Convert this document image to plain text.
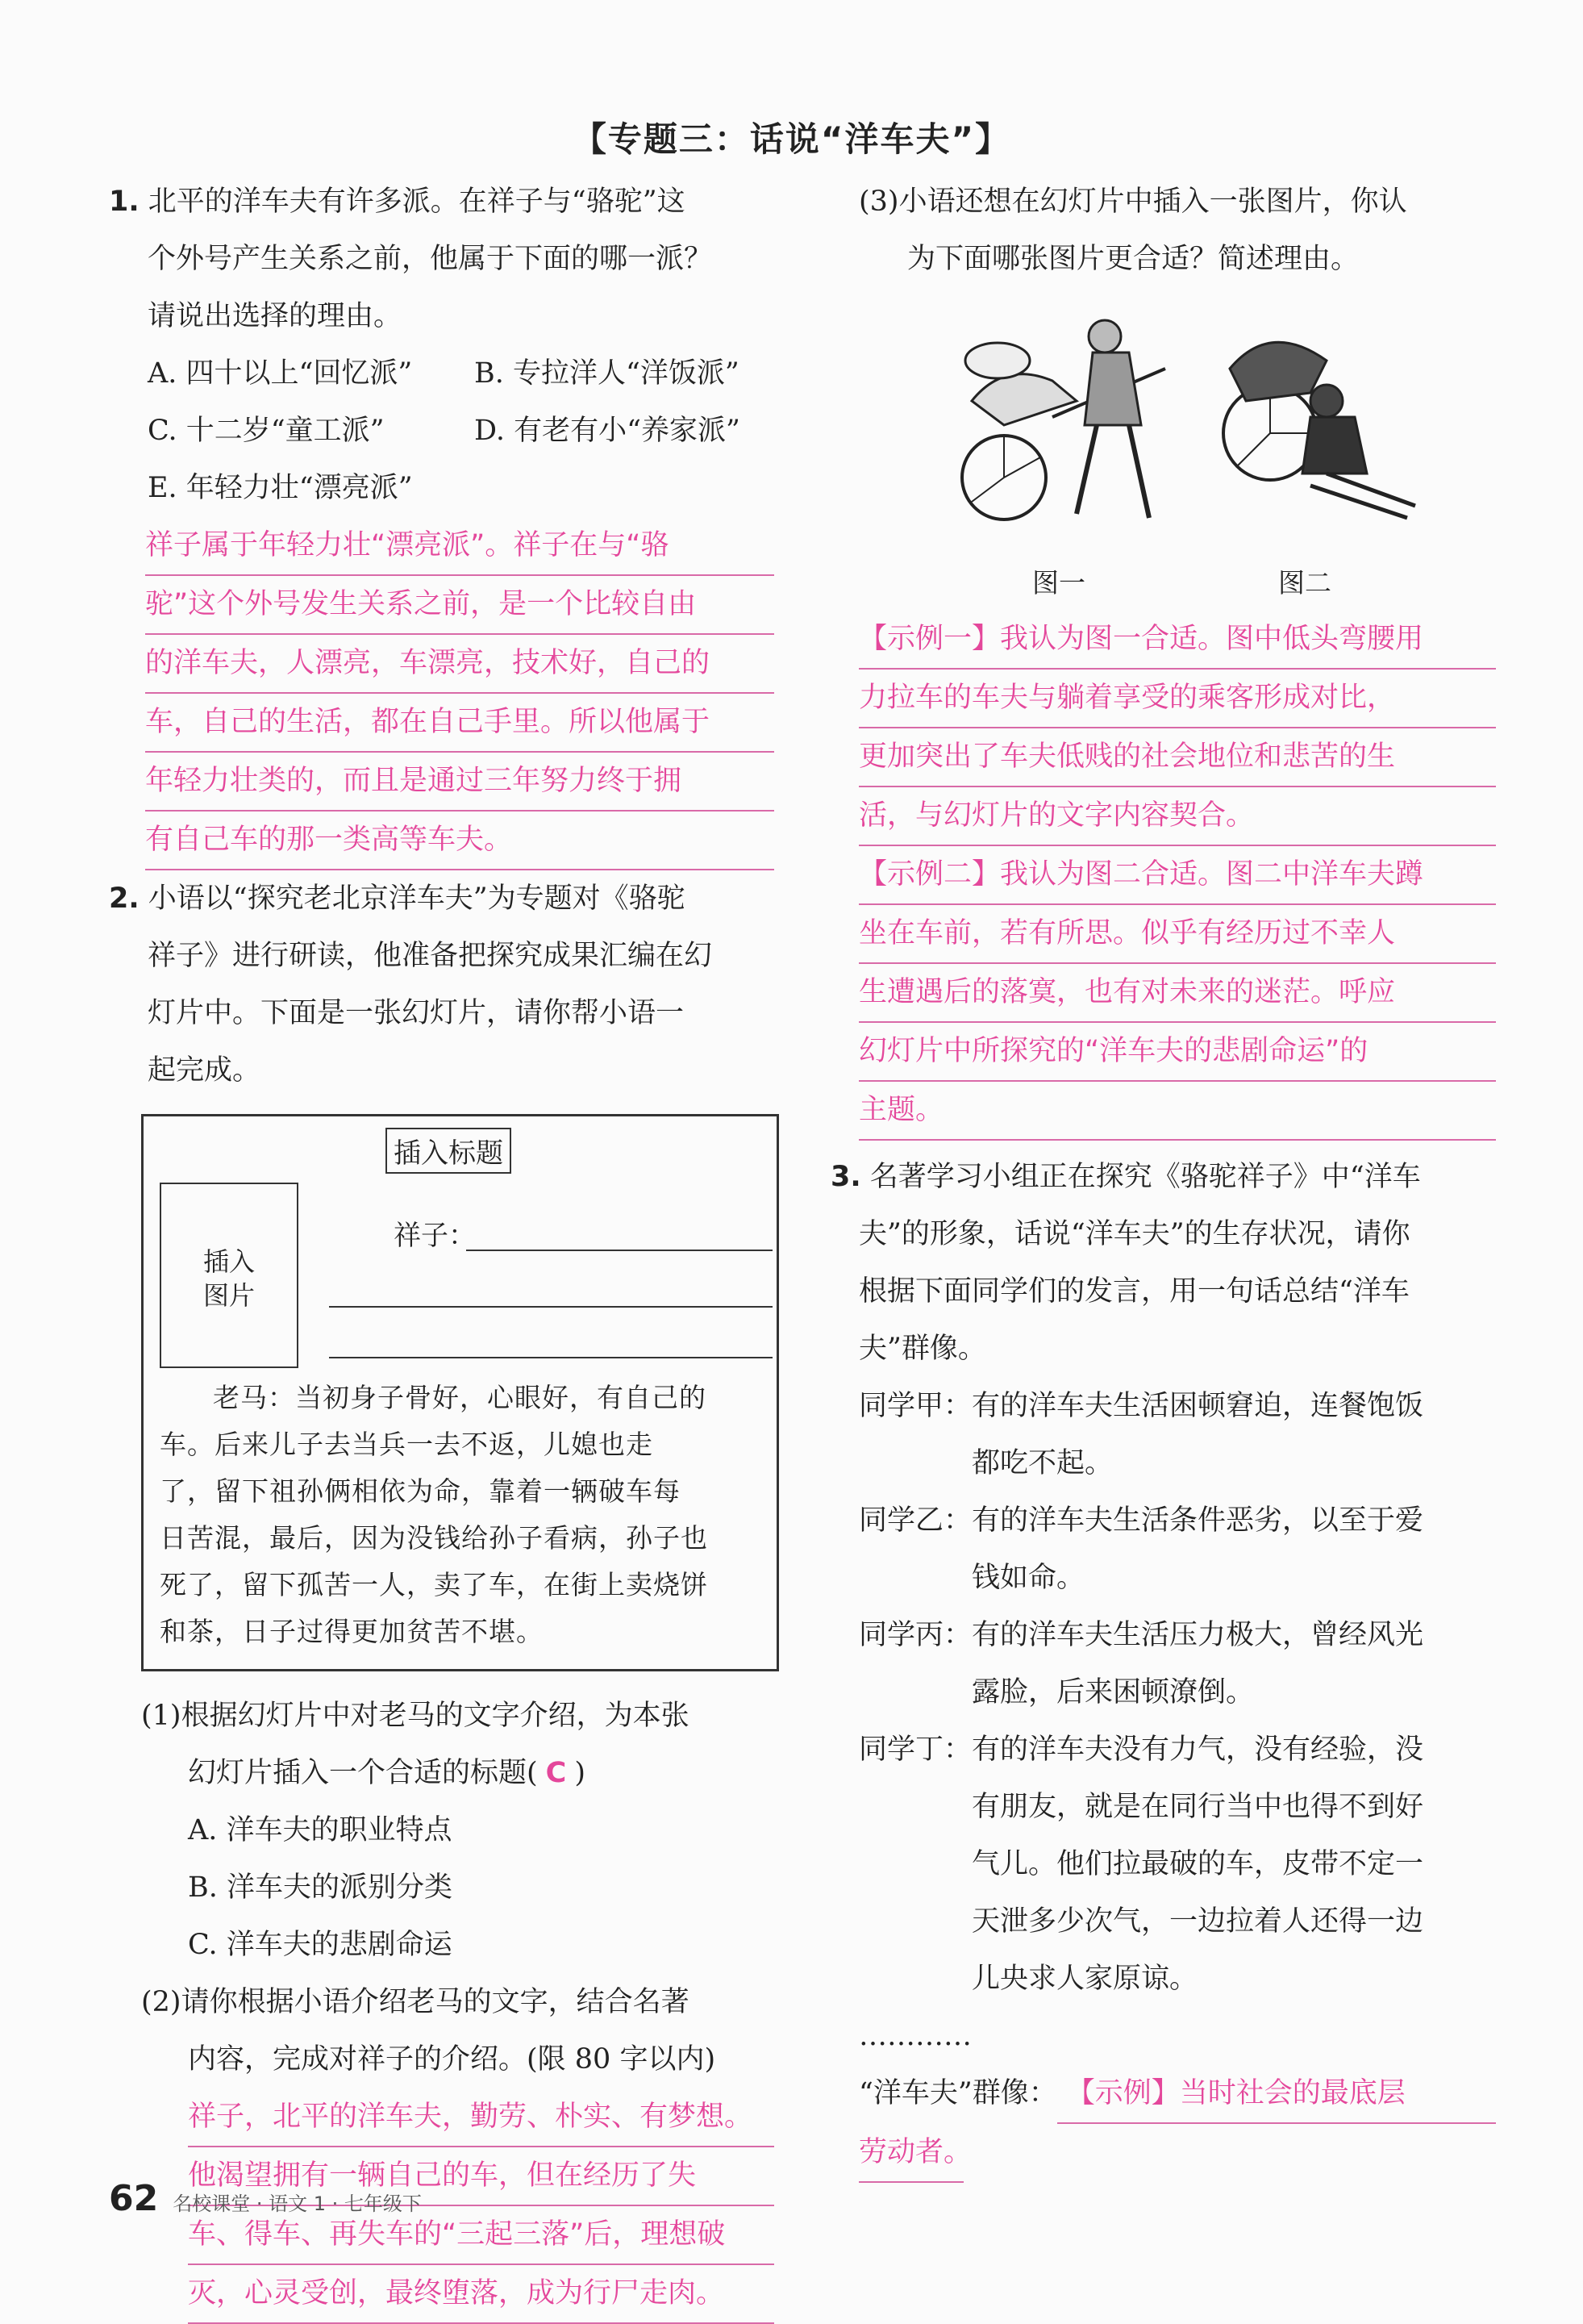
【专题三：话说“洋车夫”】
1. 北平的洋车夫有许多派。在祥子与“骆驼”这
个外号产生关系之前，他属于下面的哪一派？
请说出选择的理由。
A. 四十以上“回忆派”	B. 专拉洋人“洋饭派”
C. 十二岁“童工派”	D. 有老有小“养家派”
E. 年轻力壮“漂亮派”
祥子属于年轻力壮“漂亮派”。祥子在与“骆
驼”这个外号发生关系之前，是一个比较自由
的洋车夫，人漂亮，车漂亮，技术好，自己的
车，自己的生活，都在自己手里。所以他属于
年轻力壮类的，而且是通过三年努力终于拥
有自己车的那一类高等车夫。
2. 小语以“探究老北京洋车夫”为专题对《骆驼
祥子》进行研读，他准备把探究成果汇编在幻
灯片中。下面是一张幻灯片，请你帮小语一
起完成。
插入标题
插入
图片
祥子：

老马：当初身子骨好，心眼好，有自己的

车。后来儿子去当兵一去不返，儿媳也走

了，留下祖孙俩相依为命，靠着一辆破车每

日苦混，最后，因为没钱给孙子看病，孙子也

死了，留下孤苦一人，卖了车，在街上卖烧饼

和茶，日子过得更加贫苦不堪。

(1)根据幻灯片中对老马的文字介绍，为本张
幻灯片插入一个合适的标题( C )
A. 洋车夫的职业特点
B. 洋车夫的派别分类
C. 洋车夫的悲剧命运
(2)请你根据小语介绍老马的文字，结合名著
内容，完成对祥子的介绍。(限 80 字以内)
祥子，北平的洋车夫，勤劳、朴实、有梦想。
他渴望拥有一辆自己的车，但在经历了失
车、得车、再失车的“三起三落”后，理想破
灭，心灵受创，最终堕落，成为行尸走肉。
(3)小语还想在幻灯片中插入一张图片，你认
为下面哪张图片更合适？简述理由。
图一	图二
【示例一】我认为图一合适。图中低头弯腰用
力拉车的车夫与躺着享受的乘客形成对比，
更加突出了车夫低贱的社会地位和悲苦的生
活，与幻灯片的文字内容契合。
【示例二】我认为图二合适。图二中洋车夫蹲
坐在车前，若有所思。似乎有经历过不幸人
生遭遇后的落寞，也有对未来的迷茫。呼应
幻灯片中所探究的“洋车夫的悲剧命运”的
主题。
3. 名著学习小组正在探究《骆驼祥子》中“洋车
夫”的形象，话说“洋车夫”的生存状况，请你
根据下面同学们的发言，用一句话总结“洋车
夫”群像。
同学甲：有的洋车夫生活困顿窘迫，连餐饱饭
都吃不起。
同学乙：有的洋车夫生活条件恶劣，以至于爱
钱如命。
同学丙：有的洋车夫生活压力极大，曾经风光
露脸，后来困顿潦倒。
同学丁：有的洋车夫没有力气，没有经验，没
有朋友，就是在同行当中也得不到好
气儿。他们拉最破的车，皮带不定一
天泄多少次气，一边拉着人还得一边
儿央求人家原谅。
…………
“洋车夫”群像： 【示例】当时社会的最底层
劳动者。
62 名校课堂 · 语文 1 · 七年级下
